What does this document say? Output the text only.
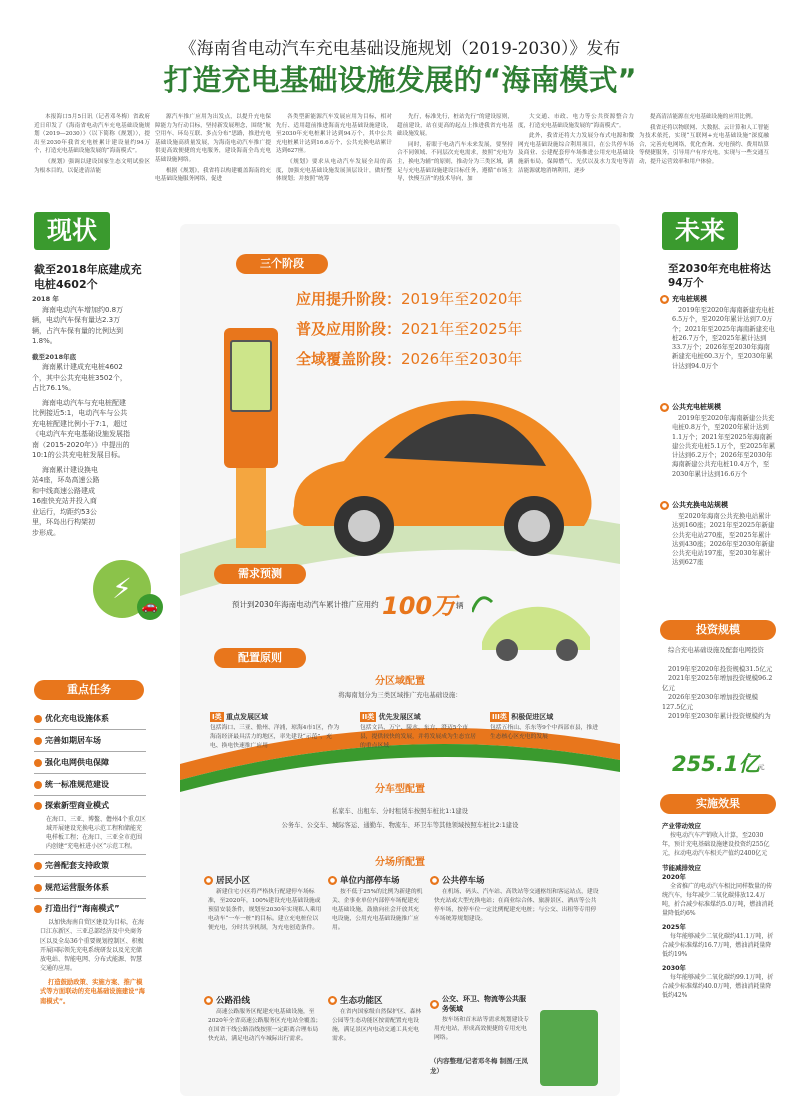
《海南省电动汽车充电基础设施规划（2019-2030）》发布
打造充电基础设施发展的“海南模式”
本报海口5月5日讯（记者邓冬梅）省政府近日印发了《海南省电动汽车充电基础设施规划（2019—2030）》（以下简称《规划》），提出至2030年我省充电桩累计建设量约94万个，打造充电基础设施发展的“海南模式”。
《规划》强调以建设国家生态文明试验区为根本目的，以促进清洁能
源汽车推广应用为出发点，以提升充电保障能力为行动目标，坚持新发展理念，围绕“航空用车、环岛互联、多点分布”思路，推进充电基础设施高质量发展，为海南电动汽车推广提供更高效便捷的充电服务，建设海南全岛充电基础设施网络。
根据《规划》，我省将以构建覆盖海南的充电基础设施服务网络，促进
各类型新能源汽车发展应用为目标，相对先行、适用超前推进海南充电基础设施建设，至2030年充电桩累计达到94万个，其中公共充电桩累计达到16.6万个，公共充换电站累计达到627座。
《规划》要求从电动汽车发展全局的高度，加强充电基础设施发展顶层设计，做好整体规划；并按照“统筹
先行，标准先行，桩站先行”的建设原则，超前建设，站在更高的起点上推进我省充电基础设施发展。
同时，着眼于电动汽车未来发展，要坚持合不同领域、不同层次充电需求，按照“充电为主，换电为辅”的原则，推动分为三类区域，满足与充电基础设施建设目标任务，遵循“市场主导，快慢互济”的技术导向，加
大交通、市政、电力等公共资源整合力度，打造充电基础设施发展的“海南模式”。
此外，我省还将大力发展分布式电源和微网充电基础设施综合利用项目，在公共停车场及商业、公建配套停车场推进公用充电基础设施新布局，保障燃气、光伏以及水力发电等清洁能源就地消纳利用，逐步
提高清洁能源在充电基础设施的应用比例。
我省还将以物联网、大数据、云计算和人工智能为技术依托，实现“互联网+充电基础设施”深度融合，完善充电网络，优化查询、充电预约、费用结算等便捷服务，引导用户有序充电，实现与一些交通互动，提升运营效率和用户体验。
现状
截至2018年底建成充电桩4602个
2018 年
海南电动汽车增加约0.8万辆，电动汽车保有量达2.3万辆，占汽车保有量的比例达到1.8%。
截至2018年底
海南累计建成充电桩4602个，其中公共充电桩3502个，占比76.1%。
海南电动汽车与充电桩配建比例接近5:1，电动汽车与公共充电桩配建比例小于7:1，超过《电动汽车充电基础设施发展指南（2015-2020年）》中提出的10:1的公共充电桩发展目标。
海南累计建设换电站4座，环岛高速公路和中线高速公路建成16座快充站并投入商业运行，均距约53公里，环岛出行构架初步形成。
⚡
🚗
重点任务
优化充电设施体系
完善如期居车场
强化电网供电保障
统一标准规范建设
探索新型商业模式
在海口、三亚、博鳌、儋州4个重点区域开展建设充换电示范工程和储能充电样板工程；在海口、三亚全市范围内创建“充电桩进小区”示范工程。
完善配套支持政策
规范运营服务体系
打造出行“海南模式”
以加快海南自贸区建设为目标，在海口江东新区、三亚总部经济及中央商务区以及全岛36个重要规划控制区、积极开展国际领先充电系统研发以及光充储放电站、智能电网、分布式能源、智慧交通的应用。
打造鼓励政策、实施方案、推广模式等方面联动的充电基础设施建设“海南模式”。
三个阶段
应用提升阶段：2019年至2020年
普及应用阶段：2021年至2025年
全域覆盖阶段：2026年至2030年
需求预测
预计到2030年海南电动汽车累计推广应用约 100万 辆
配置原则
分区域配置
将海南划分为三类区域推广充电基础设施：
I类 重点发展区域
包括海口、三亚、儋州、洋浦，琼海4市1区，作为海南经济最具活力的地区，率先建设“示范”，充电、换电快速推广应用
II类 优先发展区域
包括文昌、万宁、陵水、东方、澄迈5个市县，提供较快的发展，并将发展成为生态宜居的重点区域
III类 积极促进区域
包括五指山、乐东等9个中西部市县，推进生态核心区充电的发展
分车型配置
私家车、出租车、分时租赁车按照车桩比1:1建设
公务车、公交车、城际客运、通勤车、物流车、环卫车等其他领域按照车桩比2:1建设
分场所配置
● 居民小区
新建住宅小区将严格执行配建停车场标准，至2020年，100%建设充电基础设施或预留安装条件，规划至2030年实现私人乘用电动车“一车一桩”的目标。建立充电桩位以便充电，分时共享机制，为充电创造条件。
● 单位内部停车场
按不低于25%的比例为新建的机关、企事业单位内部停车场配建充电基础设施，鼓励向社会开放其充电设施，公用充电基础设施推广应用。
● 公共停车场
在机场、码头、汽车站、高铁站等交通枢纽和客运站点，建设快充站或大型充换电站；在商业综合体、旅游景区、酒店等公共停车场，按停车位一定比例配建充电桩；与公交、出租等专用停车场统筹规划建设。
● 公路沿线
高速公路服务区配建充电基础设施，至2020年全省高速公路服务区充电站全覆盖；在国省干线公路沿线按照一定距离合理布局快充站，满足电动汽车城际出行需求。
● 生态功能区
在省内国家级自然保护区、森林公园等生态功能区按需配置充电设施，满足景区内电动交通工具充电需求。
●
公交、环卫、物流等公共服务领域
按车场和首末站等需求规划建设专用充电站，形成高效便捷的专用充电网络。
（内容整理/记者邓冬梅 制图/王凤龙）
未来
至2030年充电桩将达94万个
● 充电桩规模
2019年至2020年海南新建充电桩6.5万个，至2020年累计达到7.0万个；2021年至2025年海南新建充电桩26.7万个，至2025年累计达到33.7万个；2026年至2030年海南新建充电桩60.3万个，至2030年累计达到94.0万个
● 公共充电桩规模
2019年至2020年海南新建公共充电桩0.8万个，至2020年累计达到1.1万个；2021年至2025年海南新建公共充电桩5.1万个，至2025年累计达到6.2万个；2026年至2030年海南新建公共充电桩10.4万个，至2030年累计达到16.6万个
● 公共充换电站规模
至2020年海南公共充换电站累计达到160座；2021年至2025年新建公共充电站270座，至2025年累计达到430座；2026年至2030年新建公共充电站197座，至2030年累计达到627座
投资规模
综合充电基础设施及配套电网投资
2019年至2020年投资规模31.5亿元
2021年至2025年增加投资规模96.2亿元
2026年至2030年增加投资规模127.5亿元
2019年至2030年累计投资规模约为
255.1亿
元
实施效果
产业带动效应
按电动汽车产销收入计算，至2030年，预计充电基础设施建设投资约255亿元，拉动电动汽车相关产值约2400亿元
节能减排效应
2020年
全省推广的电动汽车相比同样数量的传统汽车，每年减少二氧化碳排放12.4万吨，折合减少标准煤约5.0万吨，燃油消耗量降低约6%
2025年
每年能够减少二氧化碳约41.1万吨，折合减少标准煤约16.7万吨，燃油消耗量降低约19%
2030年
每年能够减少二氧化碳约99.1万吨，折合减少标准煤约40.0万吨，燃油消耗量降低约42%
